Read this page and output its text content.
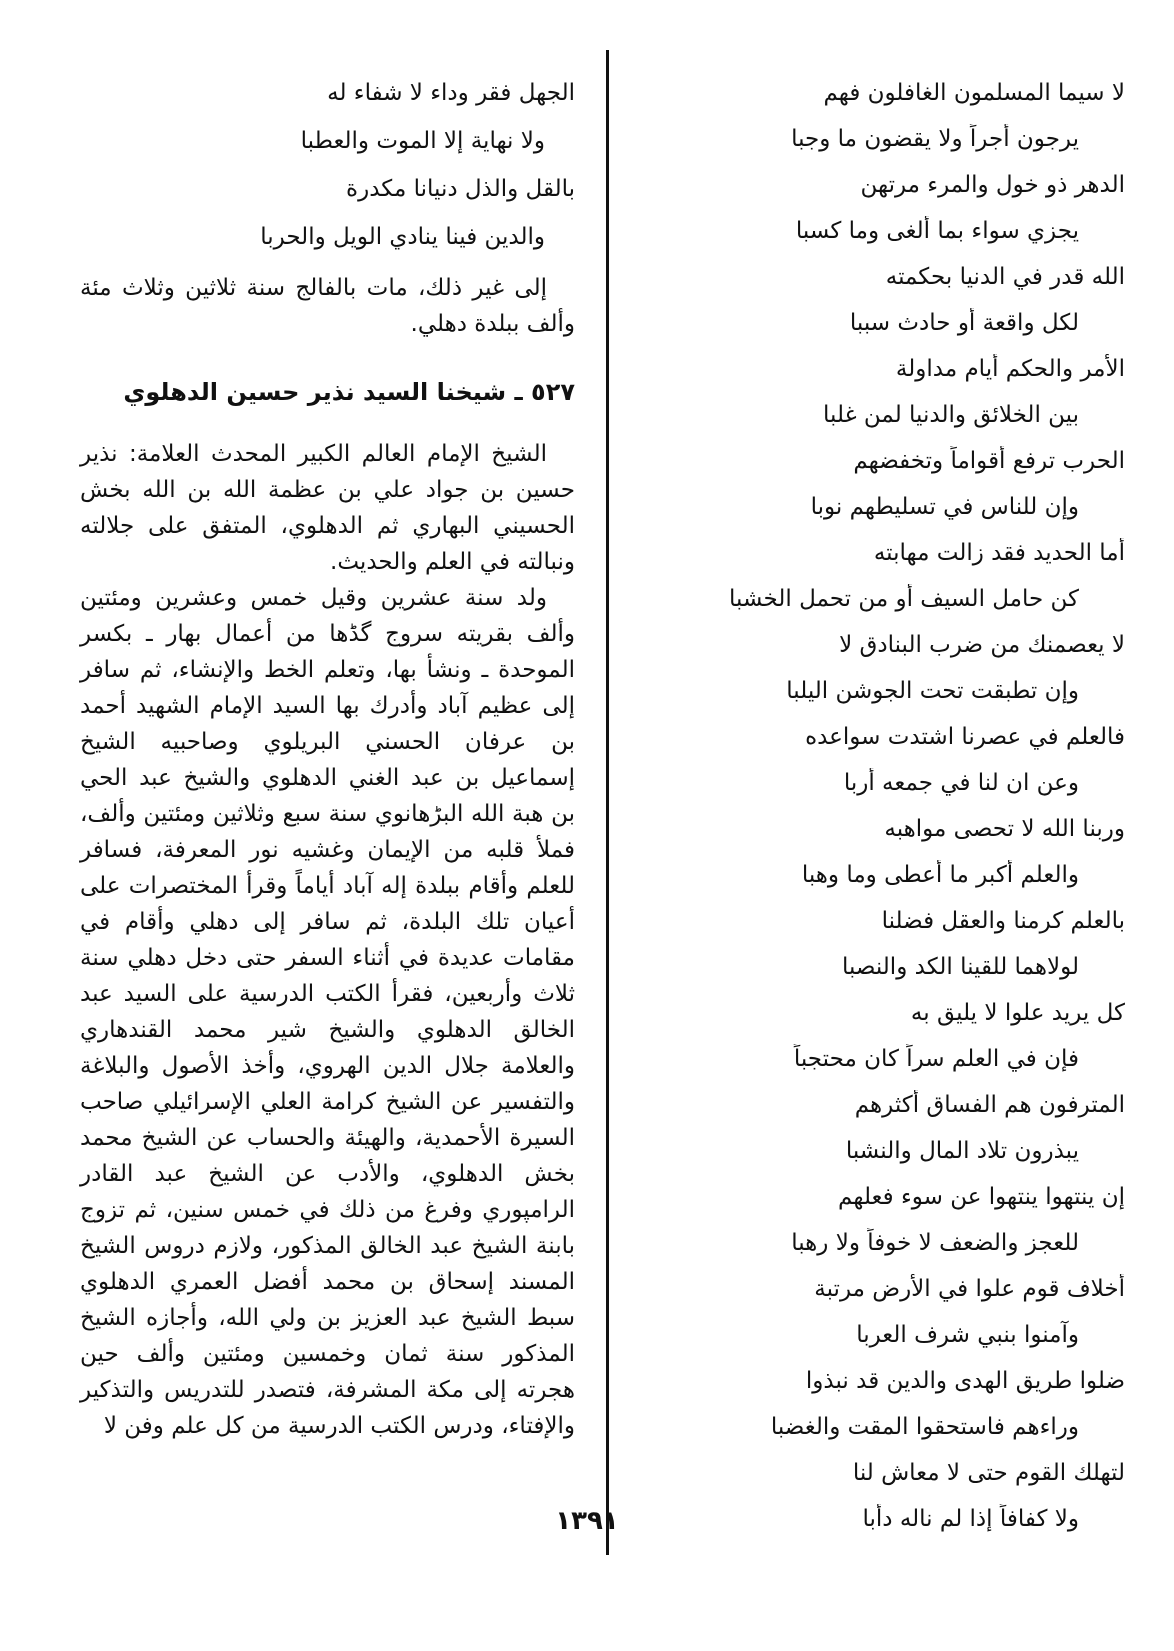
لا سيما المسلمون الغافلون فهم
يرجون أجراً ولا يقضون ما وجبا
الدهر ذو خول والمرء مرتهن
يجزي سواء بما ألغى وما كسبا
الله قدر في الدنيا بحكمته
لكل واقعة أو حادث سببا
الأمر والحكم أيام مداولة
بين الخلائق والدنيا لمن غلبا
الحرب ترفع أقواماً وتخفضهم
وإن للناس في تسليطهم نوبا
أما الحديد فقد زالت مهابته
كن حامل السيف أو من تحمل الخشبا
لا يعصمنك من ضرب البنادق لا
وإن تطبقت تحت الجوشن اليلبا
فالعلم في عصرنا اشتدت سواعده
وعن ان لنا في جمعه أربا
وربنا الله لا تحصى مواهبه
والعلم أكبر ما أعطى وما وهبا
بالعلم كرمنا والعقل فضلنا
لولاهما للقينا الكد والنصبا
كل يريد علوا لا يليق به
فإن في العلم سراً كان محتجباً
المترفون هم الفساق أكثرهم
يبذرون تلاد المال والنشبا
إن ينتهوا ينتهوا عن سوء فعلهم
للعجز والضعف لا خوفاً ولا رهبا
أخلاف قوم علوا في الأرض مرتبة
وآمنوا بنبي شرف العربا
ضلوا طريق الهدى والدين قد نبذوا
وراءهم فاستحقوا المقت والغضبا
لتهلك القوم حتى لا معاش لنا
ولا كفافاً إذا لم ناله دأبا
الجهل فقر وداء لا شفاء له
ولا نهاية إلا الموت والعطبا
بالقل والذل دنيانا مكدرة
والدين فينا ينادي الويل والحربا

إلى غير ذلك، مات بالفالج سنة ثلاثين وثلاث مئة وألف ببلدة دهلي.

٥٢٧ ـ شيخنا السيد نذير حسين الدهلوي

الشيخ الإمام العالم الكبير المحدث العلامة: نذير حسين بن جواد علي بن عظمة الله بن الله بخش الحسيني البهاري ثم الدهلوي، المتفق على جلالته ونبالته في العلم والحديث.

ولد سنة عشرين وقيل خمس وعشرين ومئتين وألف بقريته سروج گڈھا من أعمال بهار ـ بكسر الموحدة ـ ونشأ بها، وتعلم الخط والإنشاء، ثم سافر إلى عظيم آباد وأدرك بها السيد الإمام الشهيد أحمد بن عرفان الحسني البريلوي وصاحبيه الشيخ إسماعيل بن عبد الغني الدهلوي والشيخ عبد الحي بن هبة الله البڑهانوي سنة سبع وثلاثين ومئتين وألف، فملأ قلبه من الإيمان وغشيه نور المعرفة، فسافر للعلم وأقام ببلدة إله آباد أياماً وقرأ المختصرات على أعيان تلك البلدة، ثم سافر إلى دهلي وأقام في مقامات عديدة في أثناء السفر حتى دخل دهلي سنة ثلاث وأربعين، فقرأ الكتب الدرسية على السيد عبد الخالق الدهلوي والشيخ شير محمد القندهاري والعلامة جلال الدين الهروي، وأخذ الأصول والبلاغة والتفسير عن الشيخ كرامة العلي الإسرائيلي صاحب السيرة الأحمدية، والهيئة والحساب عن الشيخ محمد بخش الدهلوي، والأدب عن الشيخ عبد القادر الرامپوري وفرغ من ذلك في خمس سنين، ثم تزوج بابنة الشيخ عبد الخالق المذكور، ولازم دروس الشيخ المسند إسحاق بن محمد أفضل العمري الدهلوي سبط الشيخ عبد العزيز بن ولي الله، وأجازه الشيخ المذكور سنة ثمان وخمسين ومئتين وألف حين هجرته إلى مكة المشرفة، فتصدر للتدريس والتذكير والإفتاء، ودرس الكتب الدرسية من كل علم وفن لا

١٣٩١
